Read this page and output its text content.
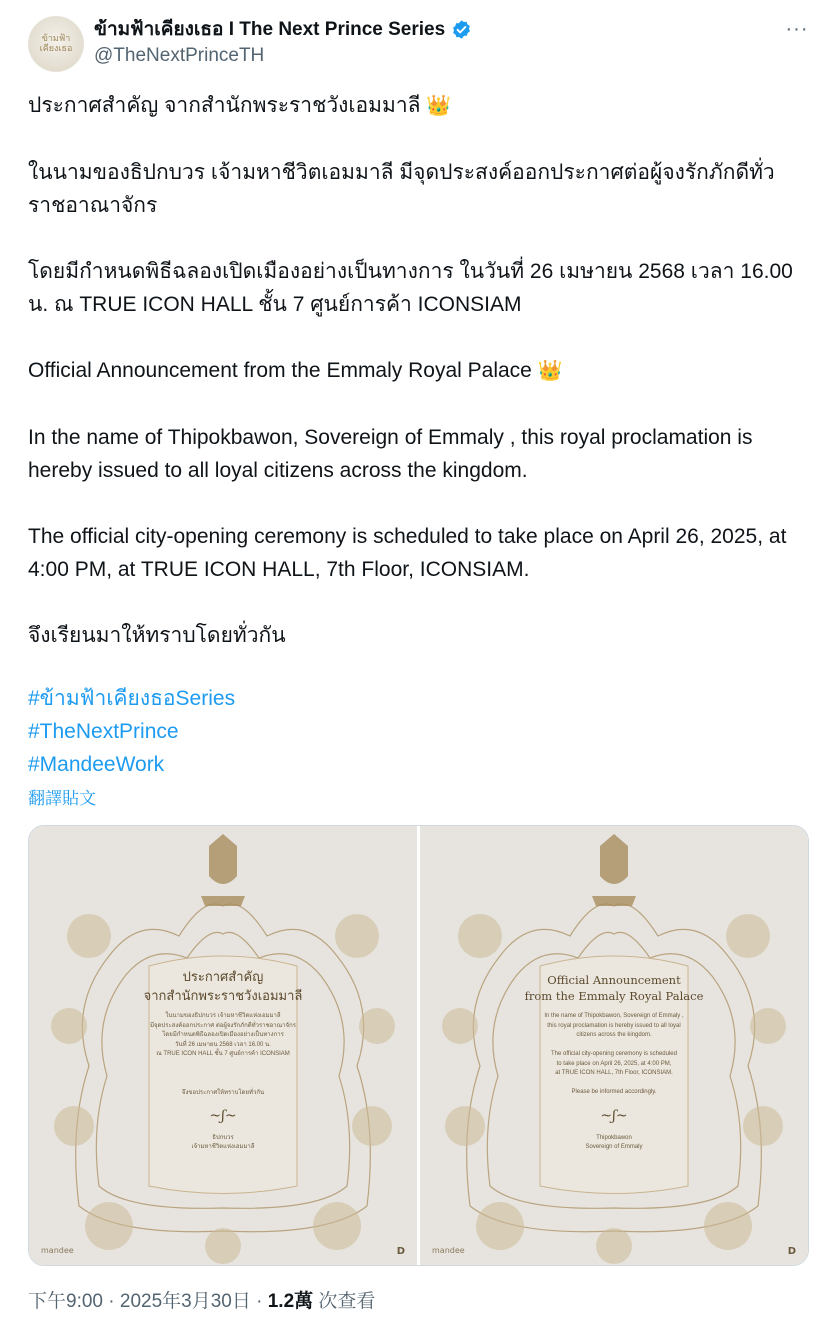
ข้ามฟ้า
เคียงเธอ
ข้ามฟ้าเคียงเธอ I The Next Prince Series
@TheNextPrinceTH
···

ประกาศสำคัญ จากสำนักพระราชวังเอมมาลี 👑

ในนามของธิปกบวร เจ้ามหาชีวิตเอมมาลี มีจุดประสงค์ออกประกาศต่อผู้จงรักภักดีทั่วราชอาณาจักร

โดยมีกำหนดพิธีฉลองเปิดเมืองอย่างเป็นทางการ ในวันที่ 26 เมษายน 2568 เวลา 16.00 น. ณ TRUE ICON HALL ชั้น 7 ศูนย์การค้า ICONSIAM

Official Announcement from the Emmaly Royal Palace 👑

In the name of Thipokbawon, Sovereign of Emmaly , this royal proclamation is hereby issued to all loyal citizens across the kingdom.

The official city-opening ceremony is scheduled to take place on April 26, 2025, at 4:00 PM, at TRUE ICON HALL, 7th Floor, ICONSIAM.

จึงเรียนมาให้ทราบโดยทั่วกัน

#ข้ามฟ้าเคียงธอSeries
#TheNextPrince
#MandeeWork
翻譯貼文
ประกาศสำคัญ
จากสำนักพระราชวังเอมมาลี
ในนามของธิปกบวร เจ้ามหาชีวิตแห่งเอมมาลี
มีจุดประสงค์ออกประกาศ ต่อผู้จงรักภักดีทั่วราชอาณาจักร
โดยมีกำหนดพิธีฉลองเปิดเมืองอย่างเป็นทางการ
วันที่ 26 เมษายน 2568 เวลา 16.00 น.
ณ TRUE ICON HALL ชั้น 7 ศูนย์การค้า ICONSIAM
จึงขอประกาศให้ทราบโดยทั่วกัน
~ʃ~
ธิปกบวร
เจ้ามหาชีวิตแห่งเอมมาลี
mandee	D
Official Announcement
from the Emmaly Royal Palace
In the name of Thipokbawon, Sovereign of Emmaly ,
this royal proclamation is hereby issued to all loyal
citizens across the kingdom.

The official city-opening ceremony is scheduled
to take place on April 26, 2025, at 4:00 PM,
at TRUE ICON HALL, 7th Floor, ICONSIAM.
Please be informed accordingly.
~ʃ~
Thipokbawon
Sovereign of Emmaly
mandee	D
下午9:00 · 2025年3月30日 · 1.2萬 次查看
